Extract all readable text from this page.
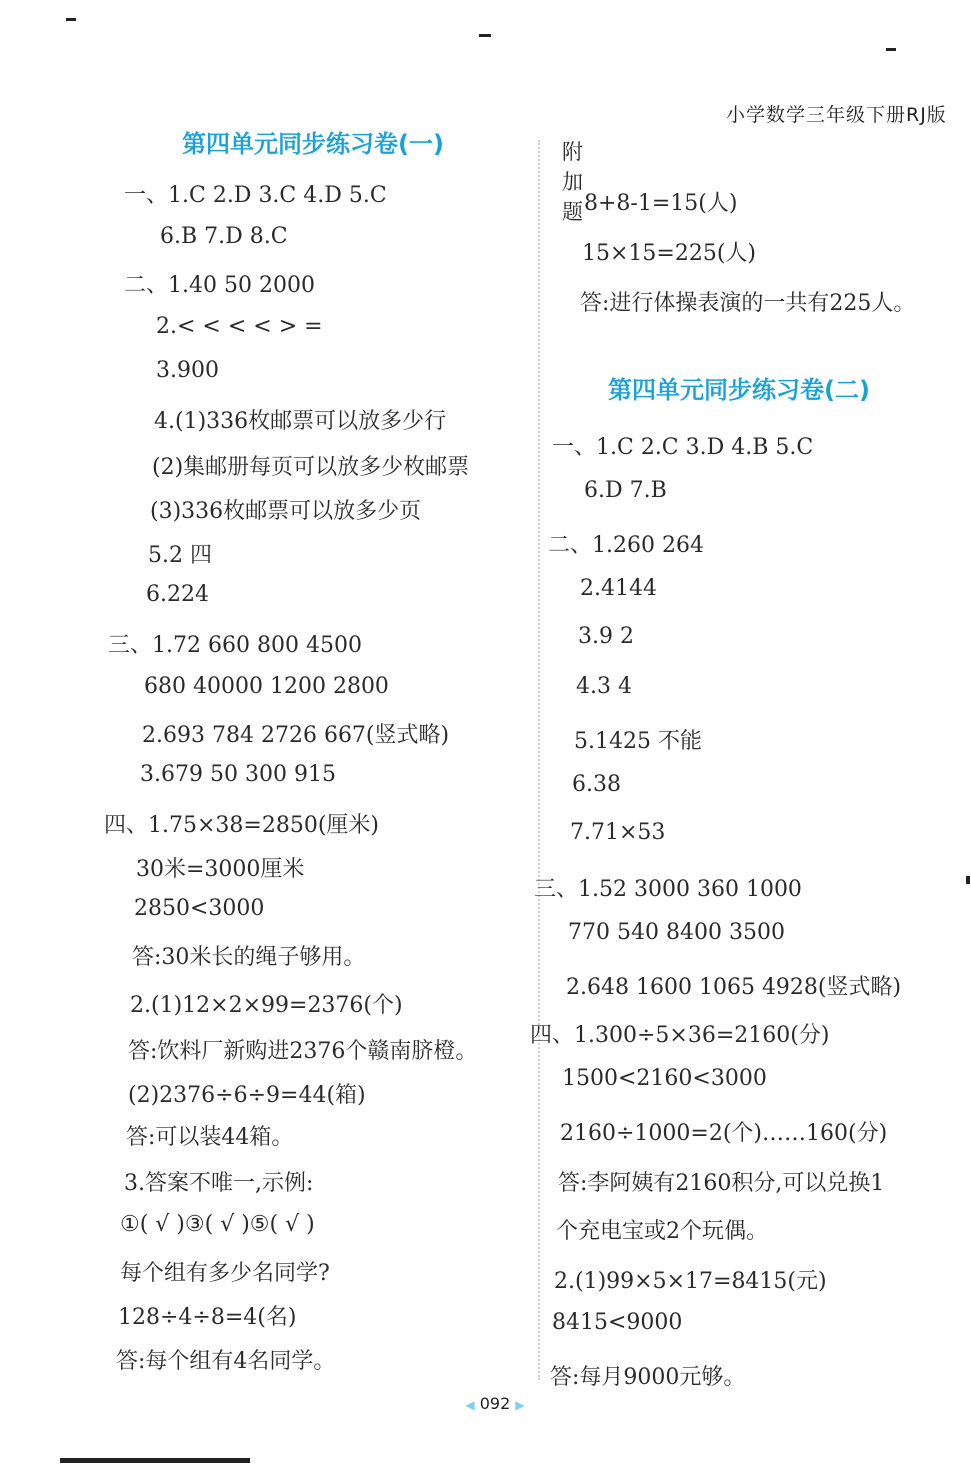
小学数学三年级下册RJ版
第四单元同步练习卷(一)
一、1.C 2.D 3.C 4.D 5.C
6.B 7.D 8.C
二、1.40 50 2000
2.< < < < > =
3.900
4.(1)336枚邮票可以放多少行
(2)集邮册每页可以放多少枚邮票
(3)336枚邮票可以放多少页
5.2 四
6.224
三、1.72 660 800 4500
680 40000 1200 2800
2.693 784 2726 667(竖式略)
3.679 50 300 915
四、1.75×38=2850(厘米)
30米=3000厘米
2850<3000
答:30米长的绳子够用。
2.(1)12×2×99=2376(个)
答:饮料厂新购进2376个赣南脐橙。
(2)2376÷6÷9=44(箱)
答:可以装44箱。
3.答案不唯一,示例:
①( √ )③( √ )⑤( √ )
每个组有多少名同学?
128÷4÷8=4(名)
答:每个组有4名同学。
附加题 8+8-1=15(人)
15×15=225(人)
答:进行体操表演的一共有225人。
第四单元同步练习卷(二)
一、1.C 2.C 3.D 4.B 5.C
6.D 7.B
二、1.260 264
2.4144
3.9 2
4.3 4
5.1425 不能
6.38
7.71×53
三、1.52 3000 360 1000
770 540 8400 3500
2.648 1600 1065 4928(竖式略)
四、1.300÷5×36=2160(分)
1500<2160<3000
2160÷1000=2(个)……160(分)
答:李阿姨有2160积分,可以兑换1
个充电宝或2个玩偶。
2.(1)99×5×17=8415(元)
8415<9000
答:每月9000元够。
◀ 092 ▶
